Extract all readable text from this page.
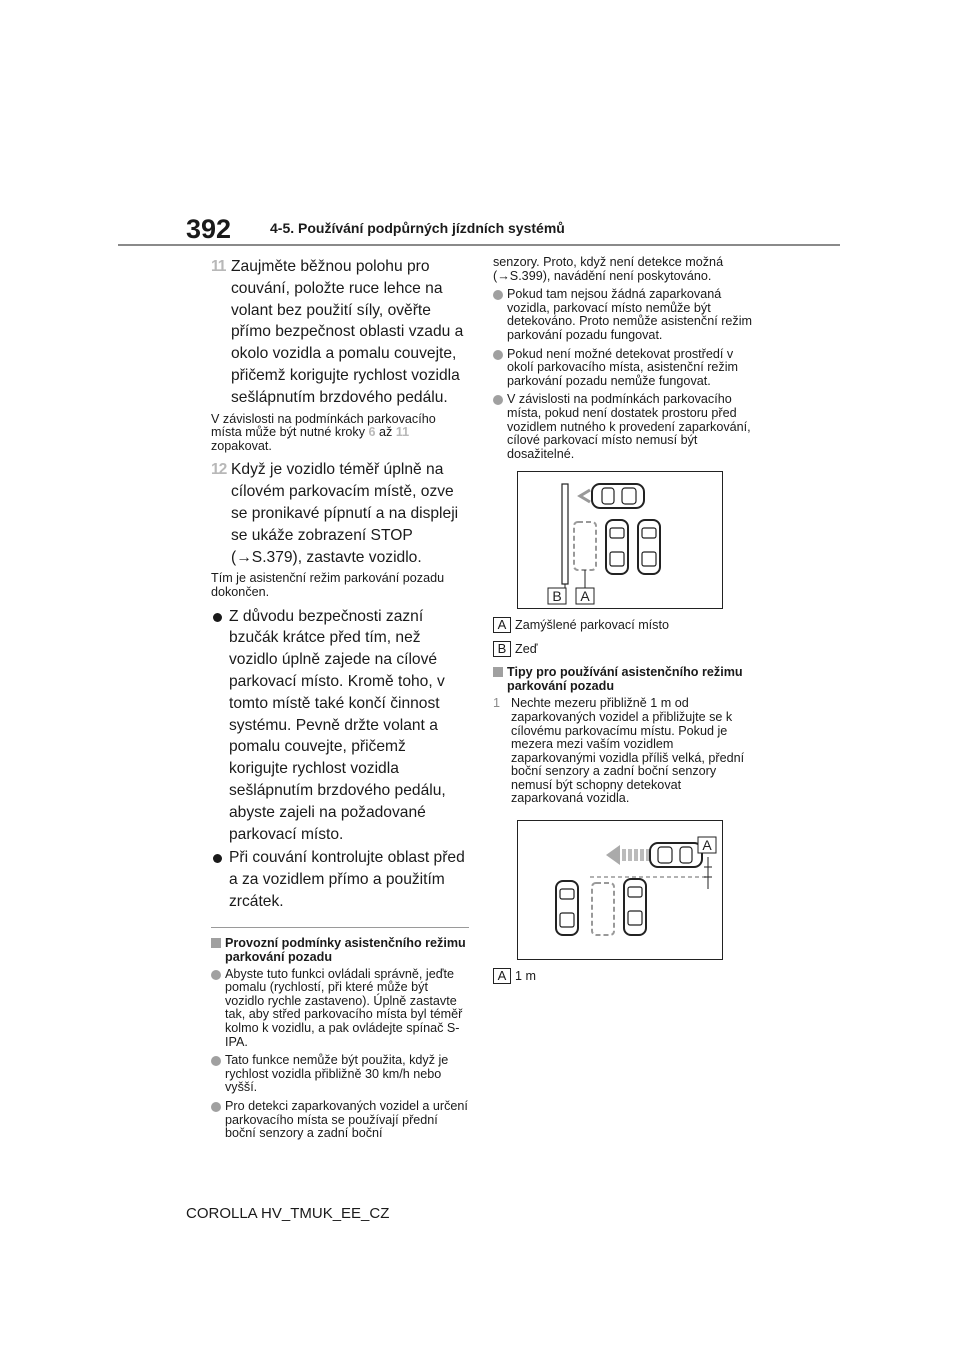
392	4-5. Používání podpůrných jízdních systémů
11 Zaujměte běžnou polohu pro couvání, položte ruce lehce na volant bez použití síly, ověřte přímo bezpečnost oblasti vzadu a okolo vozidla a pomalu couvejte, přičemž korigujte rychlost vozidla sešlápnutím brzdového pedálu.
V závislosti na podmínkách parkovacího místa může být nutné kroky 6 až 11 zopakovat.
12 Když je vozidlo téměř úplně na cílovém parkovacím místě, ozve se pronikavé pípnutí a na displeji se ukáže zobrazení STOP (→S.379), zastavte vozidlo.
Tím je asistenční režim parkování pozadu dokončen.
Z důvodu bezpečnosti zazní bzučák krátce před tím, než vozidlo úplně zajede na cílové parkovací místo. Kromě toho, v tomto místě také končí činnost systému. Pevně držte volant a pomalu couvejte, přičemž korigujte rychlost vozidla sešlápnutím brzdového pedálu, abyste zajeli na požadované parkovací místo.
Při couvání kontrolujte oblast před a za vozidlem přímo a použitím zrcátek.
Provozní podmínky asistenčního režimu parkování pozadu
Abyste tuto funkci ovládali správně, jeďte pomalu (rychlostí, při které může být vozidlo rychle zastaveno). Úplně zastavte tak, aby střed parkovacího místa byl téměř kolmo k vozidlu, a pak ovládejte spínač S-IPA.
Tato funkce nemůže být použita, když je rychlost vozidla přibližně 30 km/h nebo vyšší.
Pro detekci zaparkovaných vozidel a určení parkovacího místa se používají přední boční senzory a zadní boční
senzory. Proto, když není detekce možná (→S.399), navádění není poskytováno.
Pokud tam nejsou žádná zaparkovaná vozidla, parkovací místo nemůže být detekováno. Proto nemůže asistenční režim parkování pozadu fungovat.
Pokud není možné detekovat prostředí v okolí parkovacího místa, asistenční režim parkování pozadu nemůže fungovat.
V závislosti na podmínkách parkovacího místa, pokud není dostatek prostoru před vozidlem nutného k provedení zaparkování, cílové parkovací místo nemusí být dosažitelné.
B A
A Zamýšlené parkovací místo
B Zeď
Tipy pro používání asistenčního režimu parkování pozadu
1 Nechte mezeru přibližně 1 m od zaparkovaných vozidel a přibližujte se k cílovému parkovacímu místu. Pokud je mezera mezi vaším vozidlem zaparkovanými vozidla příliš velká, přední boční senzory a zadní boční senzory nemusí být schopny detekovat zaparkovaná vozidla.
A
A 1 m
COROLLA HV_TMUK_EE_CZ
